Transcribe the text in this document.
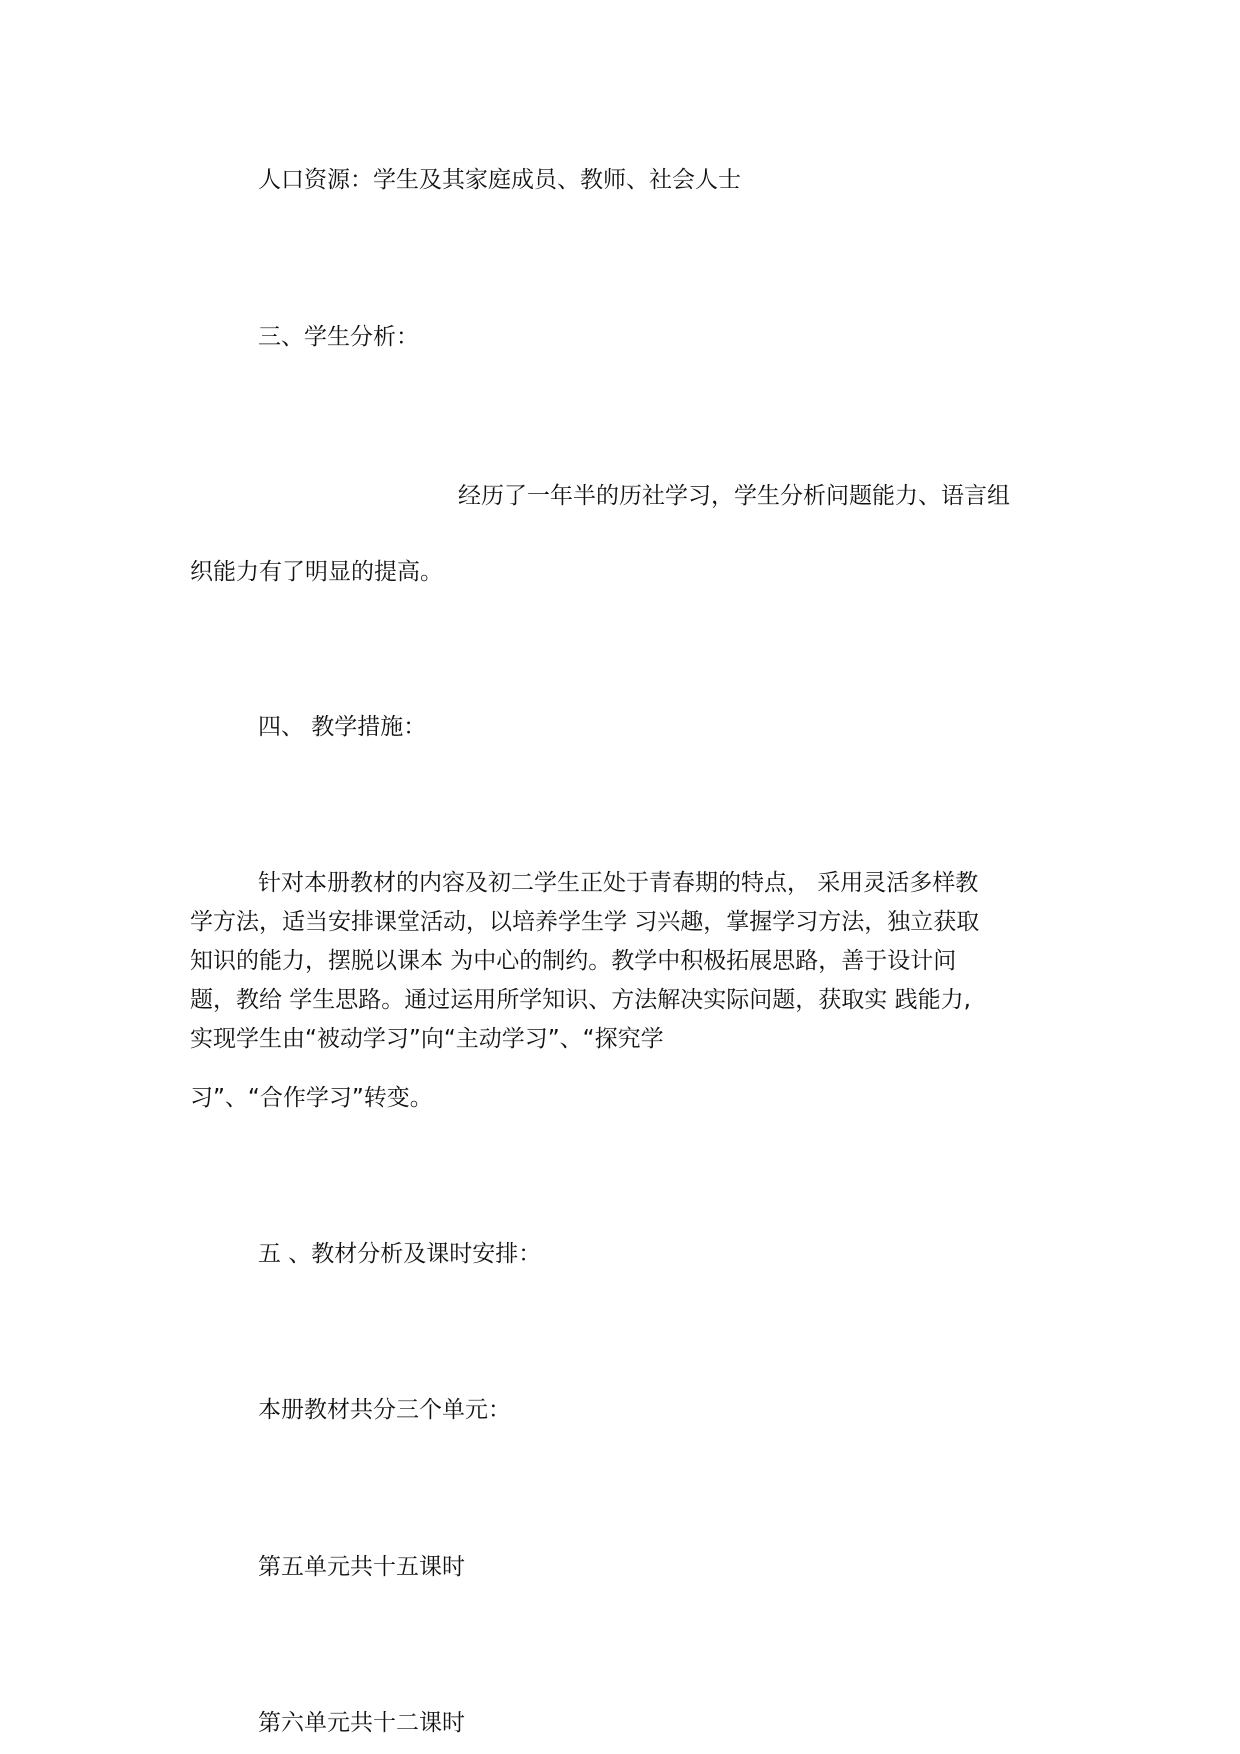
人口资源：学生及其家庭成员、教师、社会人士
三、学生分析：
经历了一年半的历社学习，学生分析问题能力、语言组
织能力有了明显的提高。
四、 教学措施：
针对本册教材的内容及初二学生正处于青春期的特点， 采用灵活多样教
学方法，适当安排课堂活动，以培养学生学 习兴趣，掌握学习方法，独立获取
知识的能力，摆脱以课本 为中心的制约。教学中积极拓展思路，善于设计问
题，教给 学生思路。通过运用所学知识、方法解决实际问题，获取实 践能力,
实现学生由“被动学习”向“主动学习”、“探究学
习”、“合作学习”转变。
五 、教材分析及课时安排：
本册教材共分三个单元：
第五单元共十五课时
第六单元共十二课时
